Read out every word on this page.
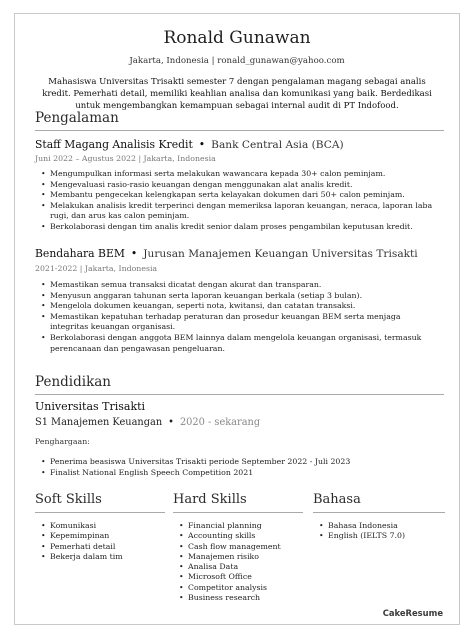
Ronald Gunawan
Jakarta, Indonesia | ronald_gunawan@yahoo.com
Mahasiswa Universitas Trisakti semester 7 dengan pengalaman magang sebagai analis kredit. Pemerhati detail, memiliki keahlian analisa dan komunikasi yang baik. Berdedikasi untuk mengembangkan kemampuan sebagai internal audit di PT Indofood.
Pengalaman
Staff Magang Analisis Kredit • Bank Central Asia (BCA)
Juni 2022 – Agustus 2022 | Jakarta, Indonesia
• Mengumpulkan informasi serta melakukan wawancara kepada 30+ calon peminjam.
• Mengevaluasi rasio-rasio keuangan dengan menggunakan alat analis kredit.
• Membantu pengecekan kelengkapan serta kelayakan dokumen dari 50+ calon peminjam.
• Melakukan analisis kredit terperinci dengan memeriksa laporan keuangan, neraca, laporan laba rugi, dan arus kas calon peminjam.
• Berkolaborasi dengan tim analis kredit senior dalam proses pengambilan keputusan kredit.
Bendahara BEM • Jurusan Manajemen Keuangan Universitas Trisakti
2021-2022 | Jakarta, Indonesia
• Memastikan semua transaksi dicatat dengan akurat dan transparan.
• Menyusun anggaran tahunan serta laporan keuangan berkala (setiap 3 bulan).
• Mengelola dokumen keuangan, seperti nota, kwitansi, dan catatan transaksi.
• Memastikan kepatuhan terhadap peraturan dan prosedur keuangan BEM serta menjaga integritas keuangan organisasi.
• Berkolaborasi dengan anggota BEM lainnya dalam mengelola keuangan organisasi, termasuk perencanaan dan pengawasan pengeluaran.
Pendidikan
Universitas Trisakti
S1 Manajemen Keuangan • 2020 - sekarang
Penghargaan:
• Penerima beasiswa Universitas Trisakti periode September 2022 - Juli 2023
• Finalist National English Speech Competition 2021
Soft Skills
• Komunikasi
• Kepemimpinan
• Pemerhati detail
• Bekerja dalam tim
Hard Skills
• Financial planning
• Accounting skills
• Cash flow management
• Manajemen risiko
• Analisa Data
• Microsoft Office
• Competitor analysis
• Business research
Bahasa
• Bahasa Indonesia
• English (IELTS 7.0)
CakeResume
